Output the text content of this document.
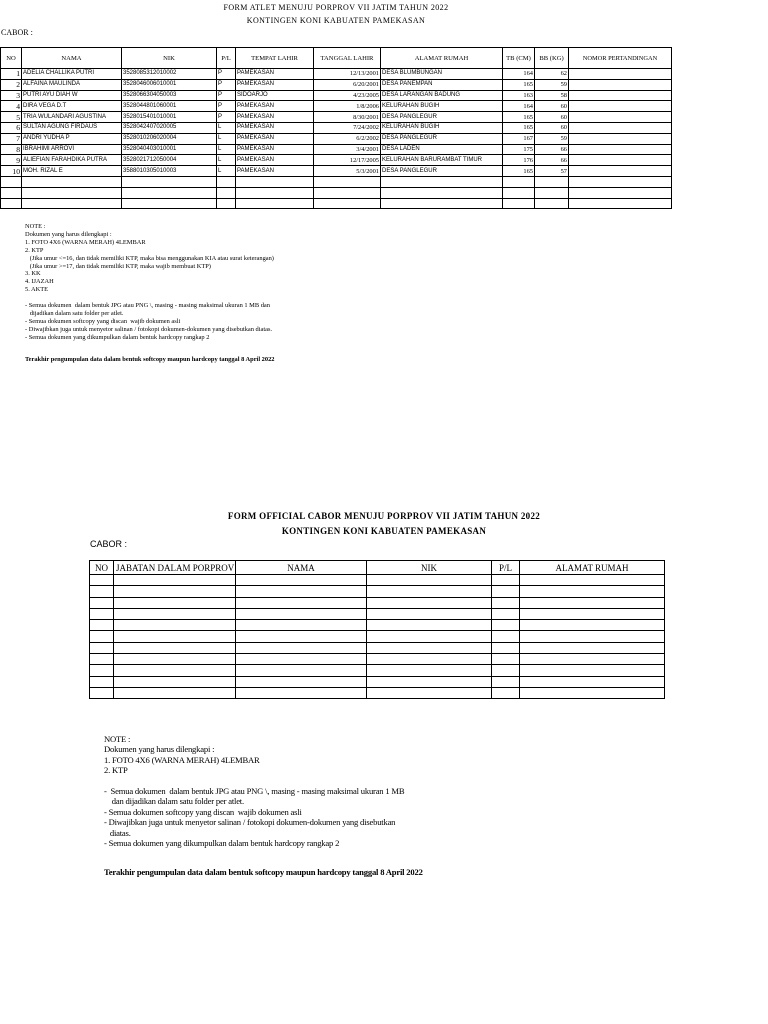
FORM ATLET MENUJU PORPROV VII JATIM TAHUN 2022
KONTINGEN KONI KABUATEN PAMEKASAN
CABOR :
NO	NAMA	NIK	P/L	TEMPAT LAHIR	TANGGAL LAHIR	ALAMAT RUMAH	TB (CM)	BB (KG)	NOMOR PERTANDINGAN
1	ADELIA CHALLIKA PUTRI	3528085312010002	P	PAMEKASAN	12/13/2001	DESA BLUMBUNGAN	164	62	
2	ALFAINA MAULINDA	3528046006010001	P	PAMEKASAN	6/20/2001	DESA PANEMPAN	165	59	
3	PUTRI AYU DIAH W	3528066304050003	P	SIDOARJO	4/23/2005	DESA LARANGAN BADUNG	163	58	
4	DIRA VEGA D.T	3528044801060001	P	PAMEKASAN	1/8/2006	KELURAHAN BUGIH	164	60	
5	TRIA WULANDARI AGUSTINA	3528015401010001	P	PAMEKASAN	8/30/2001	DESA PANGLEGUR	165	60	
6	SULTAN AGUNG FIRDAUS	3528042407020005	L	PAMEKASAN	7/24/2002	KELURAHAN BUGIH	165	60	
7	ANDRI YUDHA P	3528010206020004	L	PAMEKASAN	6/2/2002	DESA PANGLEGUR	167	59	
8	IBRAHIMI ARROVI	3528040403010001	L	PAMEKASAN	3/4/2001	DESA LADEN	175	66	
9	ALIEFIAN FARAHDIKA PUTRA	3528021712050004	L	PAMEKASAN	12/17/2005	KELURAHAN BARURAMBAT TIMUR	176	66	
10	MOH. RIZAL E	3588010305010003	L	PAMEKASAN	5/3/2001	DESA PANGLEGUR	165	57	

NOTE :
Dokumen yang harus dilengkapi :
1. FOTO 4X6 (WARNA MERAH) 4LEMBAR
2. KTP
(Jika umur <=16, dan tidak memiliki KTP, maka bisa menggunakan KIA atau surat keterangan)
(Jika umur >=17, dan tidak memiliki KTP, maka wajib membuat KTP)
3. KK
4. IJAZAH
5. AKTE

- Semua dokumen  dalam bentuk JPG atau PNG \, masing - masing maksimal ukuran 1 MB dan
dijadikan dalam satu folder per atlet.
- Semua dokumen softcopy yang discan  wajib dokumen asli
- Diwajibkan juga untuk menyetor salinan / fotokopi dokumen-dokumen yang disebutkan diatas.
- Semua dokumen yang dikumpulkan dalam bentuk hardcopy rangkap 2
Terakhir pengumpulan data dalam bentuk softcopy maupun hardcopy tanggal 8 April 2022
FORM OFFICIAL CABOR MENUJU PORPROV VII JATIM TAHUN 2022
KONTINGEN KONI KABUATEN PAMEKASAN
CABOR :
NO	JABATAN DALAM PORPROV	NAMA	NIK	P/L	ALAMAT RUMAH

NOTE :
Dokumen yang harus dilengkapi :
1. FOTO 4X6 (WARNA MERAH) 4LEMBAR
2. KTP

-  Semua dokumen  dalam bentuk JPG atau PNG \, masing - masing maksimal ukuran 1 MB
dan dijadikan dalam satu folder per atlet.
- Semua dokumen softcopy yang discan  wajib dokumen asli
- Diwajibkan juga untuk menyetor salinan / fotokopi dokumen-dokumen yang disebutkan
diatas.
- Semua dokumen yang dikumpulkan dalam bentuk hardcopy rangkap 2
Terakhir pengumpulan data dalam bentuk softcopy maupun hardcopy tanggal 8 April 2022
